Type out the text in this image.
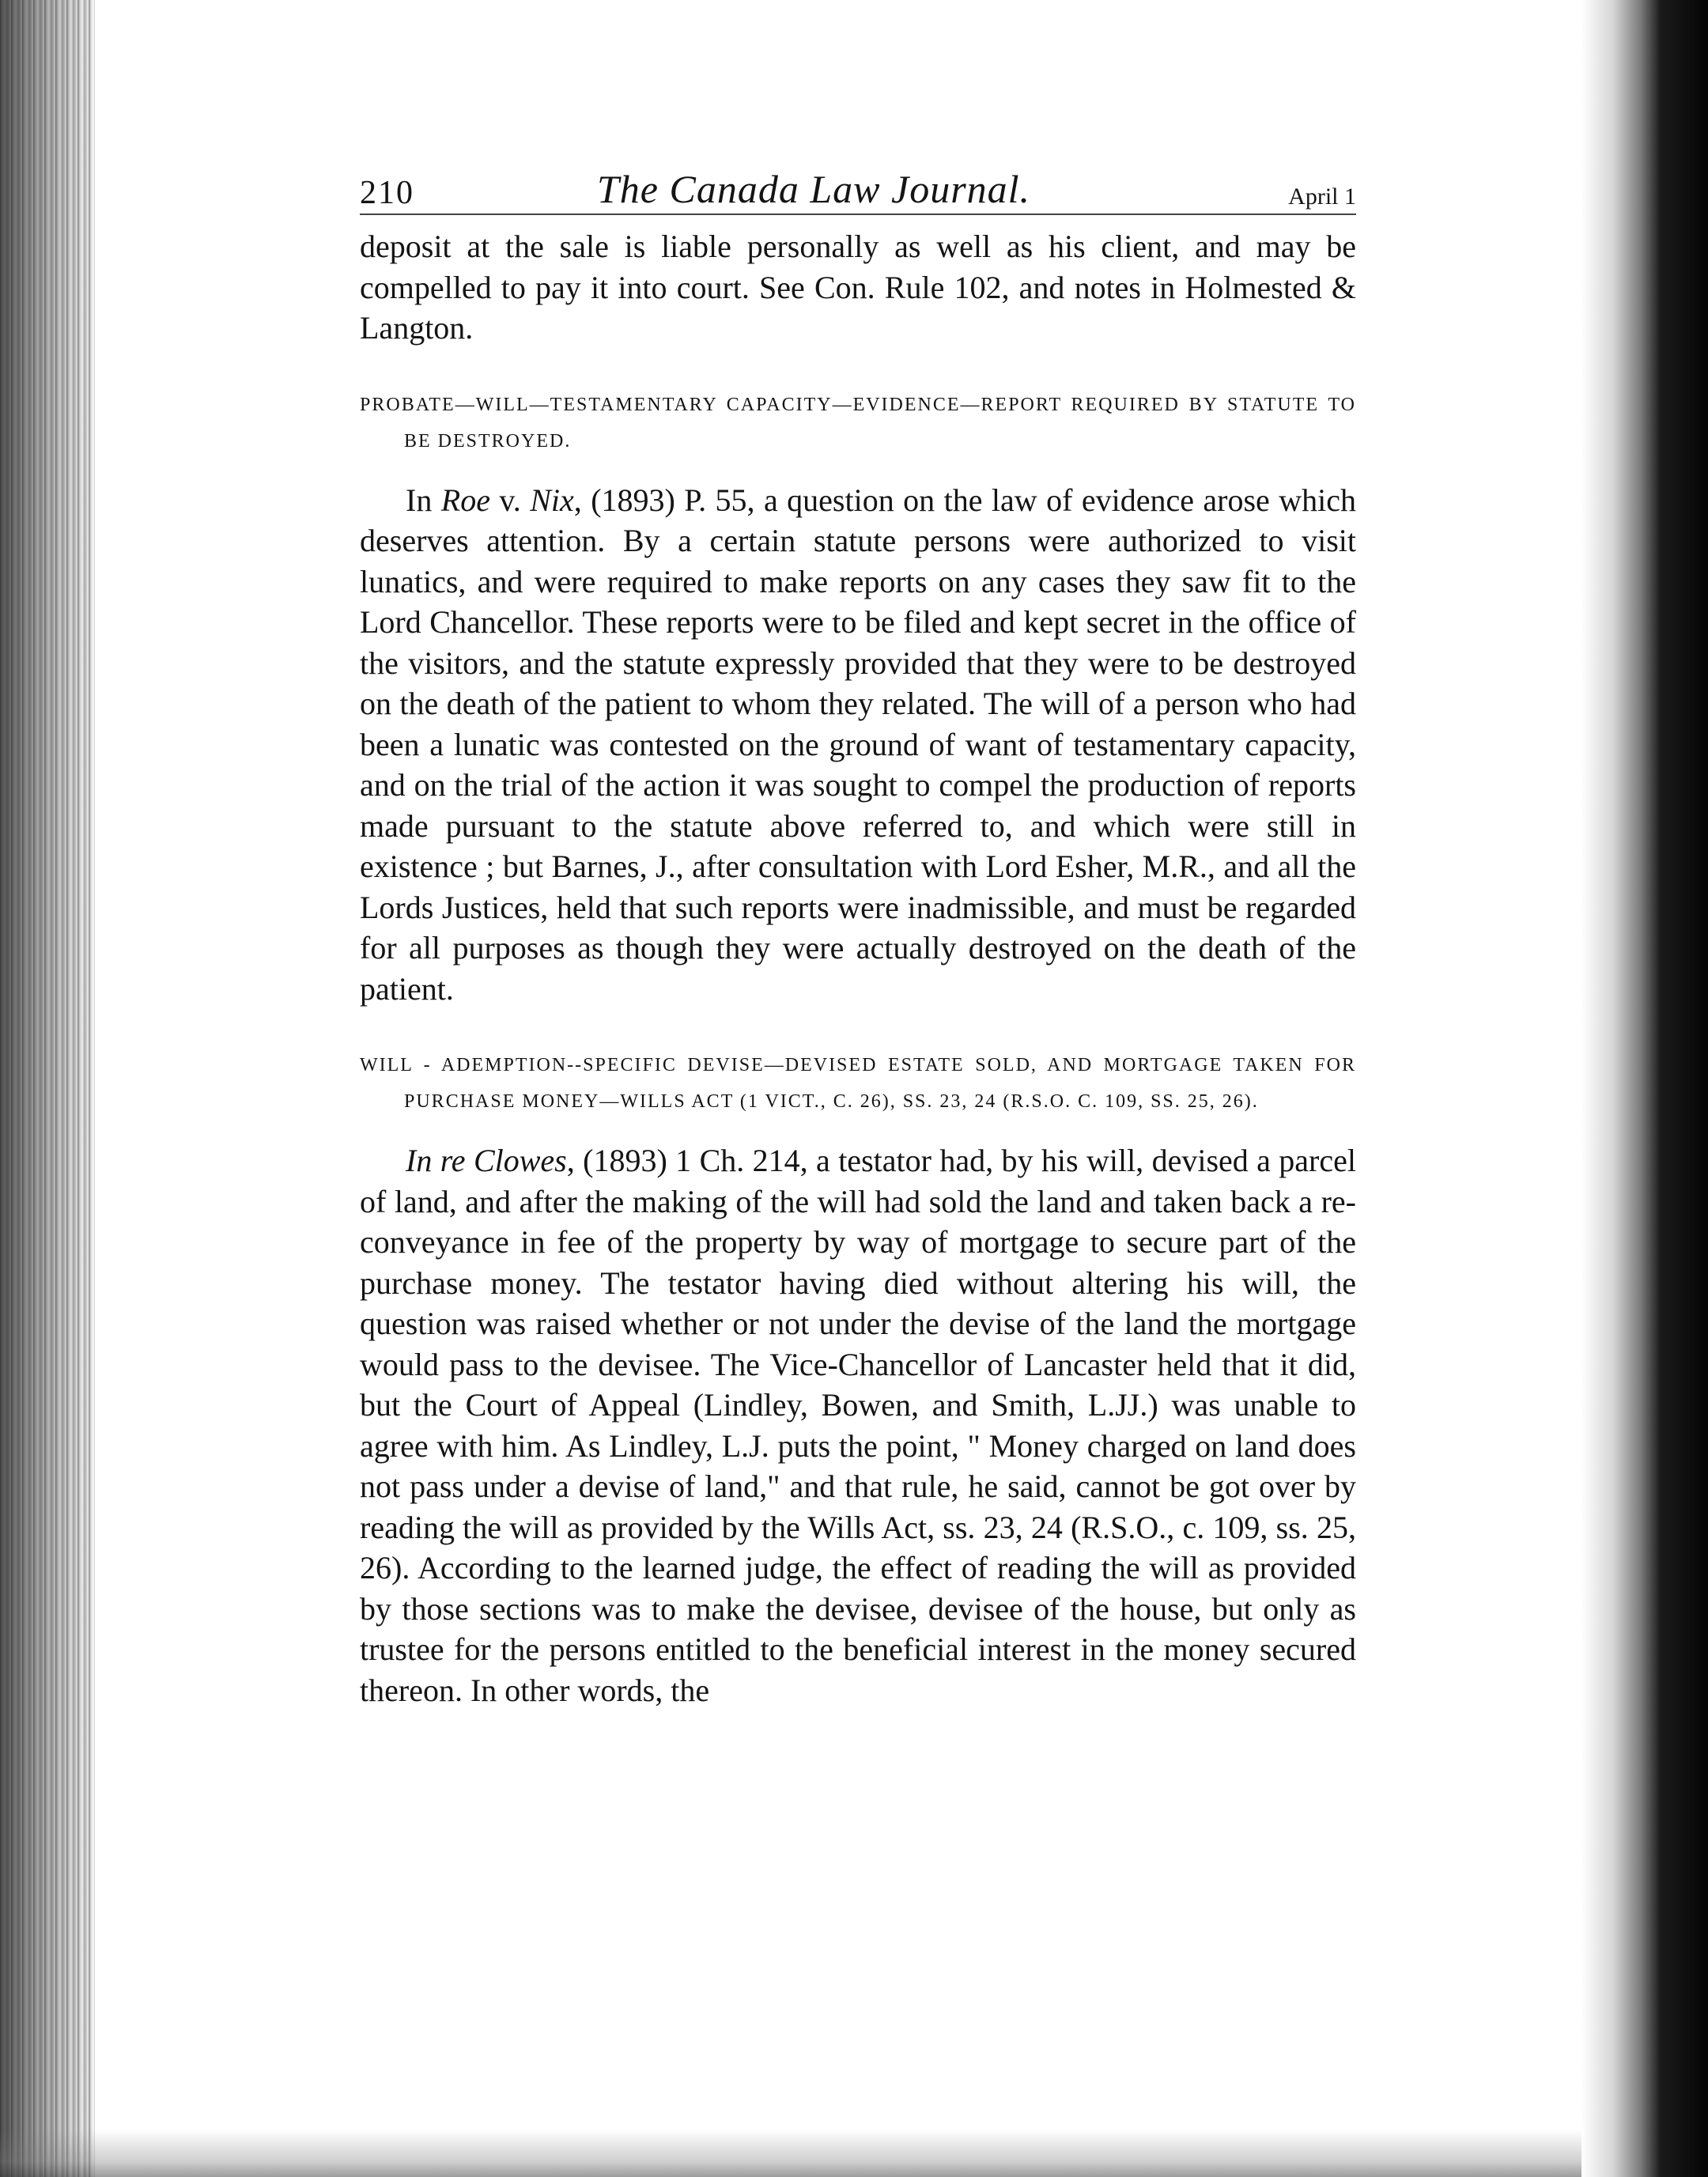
210	The Canada Law Journal.	April 1

deposit at the sale is liable personally as well as his client, and may be compelled to pay it into court. See Con. Rule 102, and notes in Holmested & Langton.

PROBATE—WILL—TESTAMENTARY CAPACITY—EVIDENCE—REPORT REQUIRED BY STATUTE TO BE DESTROYED.

In Roe v. Nix, (1893) P. 55, a question on the law of evidence arose which deserves attention. By a certain statute persons were authorized to visit lunatics, and were required to make reports on any cases they saw fit to the Lord Chancellor. These reports were to be filed and kept secret in the office of the visitors, and the statute expressly provided that they were to be destroyed on the death of the patient to whom they related. The will of a person who had been a lunatic was contested on the ground of want of testamentary capacity, and on the trial of the action it was sought to compel the production of reports made pursuant to the statute above referred to, and which were still in existence ; but Barnes, J., after consultation with Lord Esher, M.R., and all the Lords Justices, held that such reports were inadmissible, and must be regarded for all purposes as though they were actually destroyed on the death of the patient.

WILL - ADEMPTION--SPECIFIC DEVISE—DEVISED ESTATE SOLD, AND MORTGAGE TAKEN FOR PURCHASE MONEY—WILLS ACT (1 VICT., C. 26), SS. 23, 24 (R.S.O. C. 109, SS. 25, 26).

In re Clowes, (1893) 1 Ch. 214, a testator had, by his will, devised a parcel of land, and after the making of the will had sold the land and taken back a re-conveyance in fee of the property by way of mortgage to secure part of the purchase money. The testator having died without altering his will, the question was raised whether or not under the devise of the land the mortgage would pass to the devisee. The Vice-Chancellor of Lancaster held that it did, but the Court of Appeal (Lindley, Bowen, and Smith, L.JJ.) was unable to agree with him. As Lindley, L.J. puts the point, " Money charged on land does not pass under a devise of land," and that rule, he said, cannot be got over by reading the will as provided by the Wills Act, ss. 23, 24 (R.S.O., c. 109, ss. 25, 26). According to the learned judge, the effect of reading the will as provided by those sections was to make the devisee, devisee of the house, but only as trustee for the persons entitled to the beneficial interest in the money secured thereon. In other words, the
